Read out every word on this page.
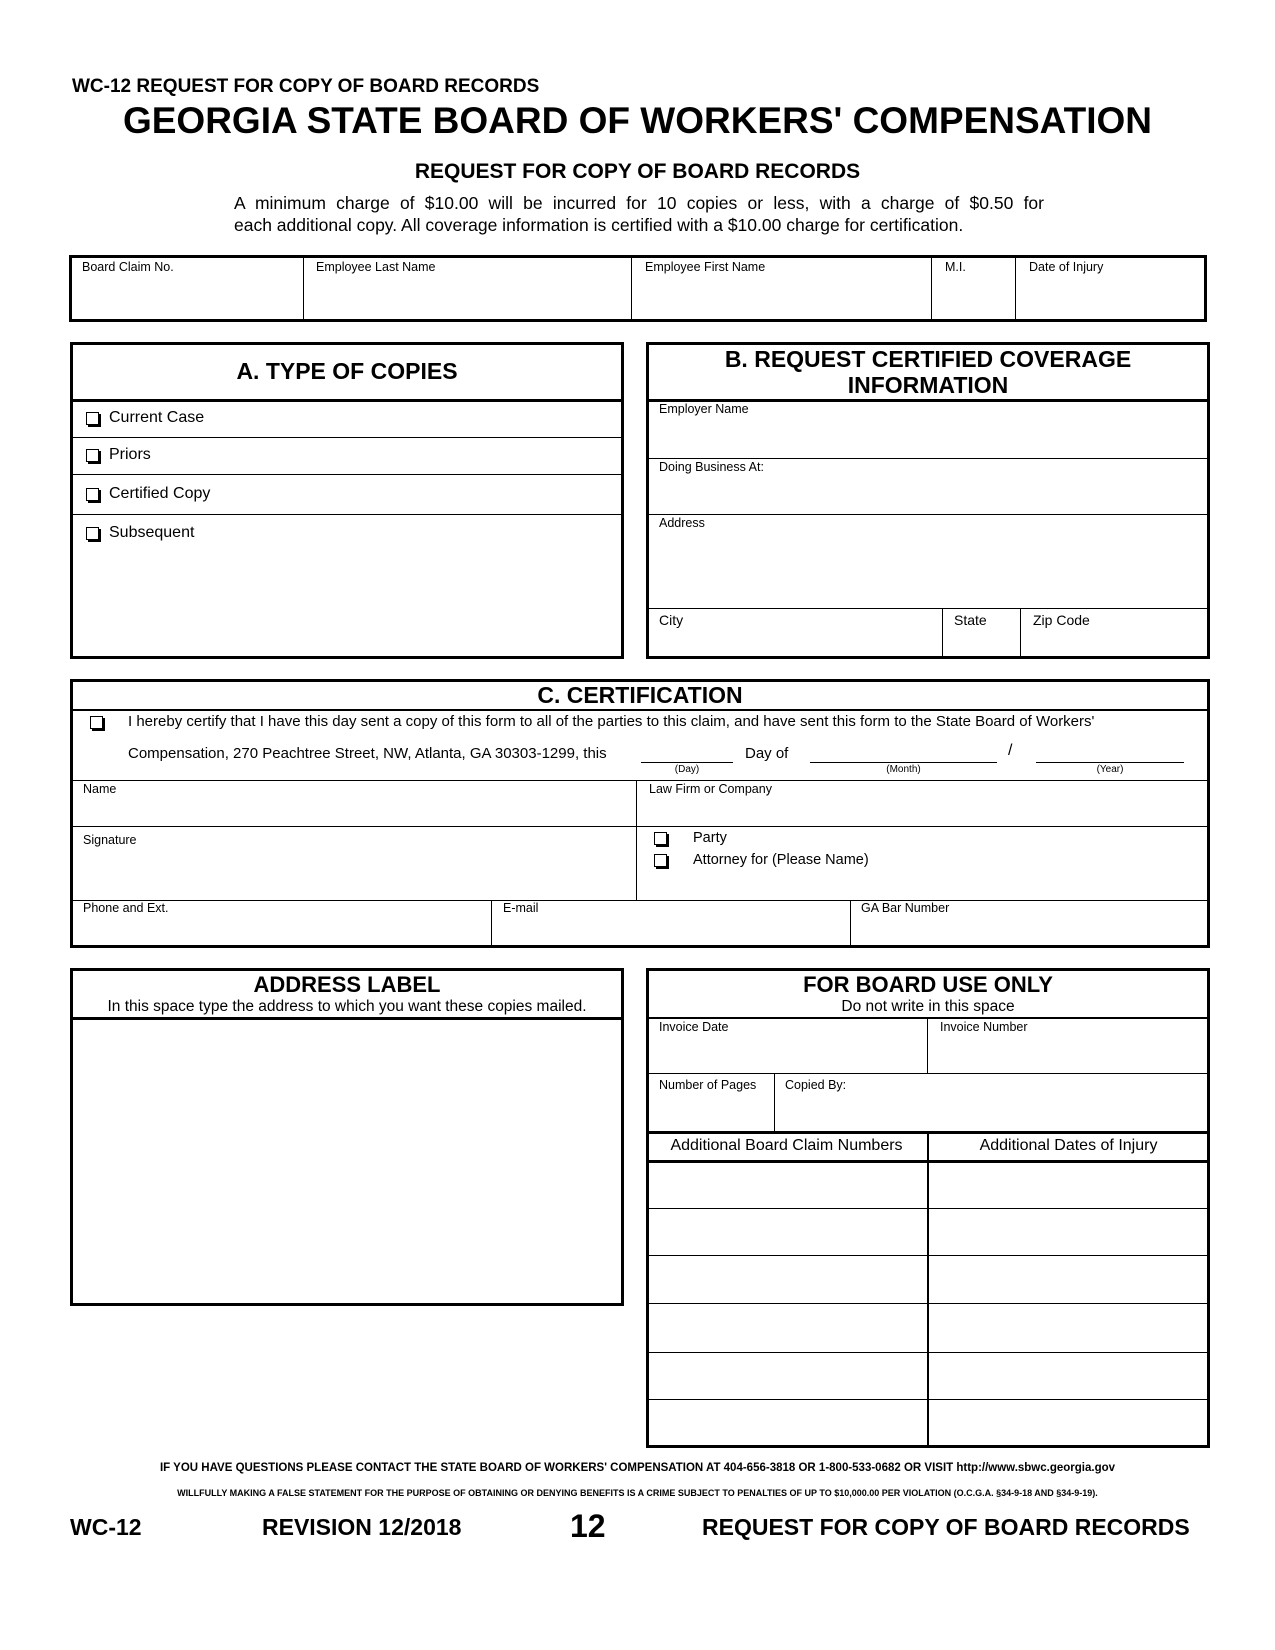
WC-12 REQUEST FOR COPY OF BOARD RECORDS
GEORGIA STATE BOARD OF WORKERS' COMPENSATION
REQUEST FOR COPY OF BOARD RECORDS
A minimum charge of $10.00 will be incurred for 10 copies or less, with a charge of $0.50 for
each additional copy. All coverage information is certified with a $10.00 charge for certification.
Board Claim No.	Employee Last Name	Employee First Name	M.I.	Date of Injury
A. TYPE OF COPIES
Current Case
Priors
Certified Copy
Subsequent
B. REQUEST CERTIFIED COVERAGE
INFORMATION
Employer Name
Doing Business At:
Address
City	State	Zip Code
C. CERTIFICATION
I hereby certify that I have this day sent a copy of this form to all of the parties to this claim, and have sent this form to the State Board of Workers'
Compensation, 270 Peachtree Street, NW, Atlanta, GA 30303-1299, this	Day of	/
(Day)	(Month)	(Year)
Name	Law Firm or Company
Signature	Party
Attorney for (Please Name)
Phone and Ext.	E-mail	GA Bar Number
ADDRESS LABEL
In this space type the address to which you want these copies mailed.
FOR BOARD USE ONLY
Do not write in this space
Invoice Date	Invoice Number
Number of Pages Copied By:
Additional Board Claim Numbers	Additional Dates of Injury
IF YOU HAVE QUESTIONS PLEASE CONTACT THE STATE BOARD OF WORKERS' COMPENSATION AT 404-656-3818 OR 1-800-533-0682 OR VISIT http://www.sbwc.georgia.gov
WILLFULLY MAKING A FALSE STATEMENT FOR THE PURPOSE OF OBTAINING OR DENYING BENEFITS IS A CRIME SUBJECT TO PENALTIES OF UP TO $10,000.00 PER VIOLATION (O.C.G.A. §34-9-18 AND §34-9-19).
WC-12	REVISION 12/2018	12	REQUEST FOR COPY OF BOARD RECORDS
